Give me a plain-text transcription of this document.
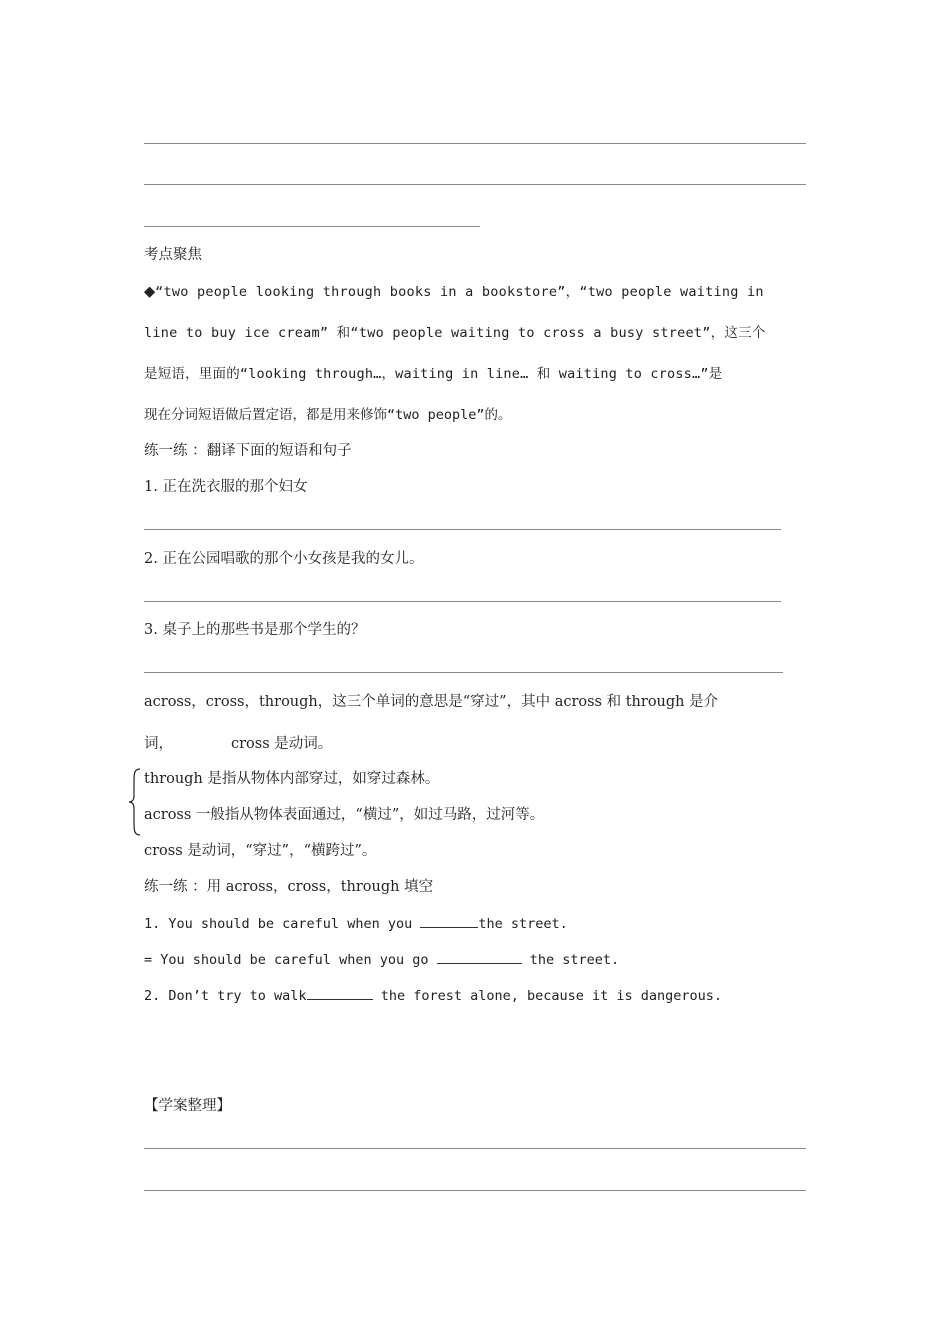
考点聚焦
◆“two people looking through books in a bookstore”，“two people waiting in
line to buy ice cream” 和“two people waiting to cross a busy street”，这三个
是短语，里面的“looking through…，waiting in line… 和 waiting to cross…”是
现在分词短语做后置定语，都是用来修饰“two people”的。
练一练 ：翻译下面的短语和句子
1. 正在洗衣服的那个妇女
2. 正在公园唱歌的那个小女孩是我的女儿。
3. 桌子上的那些书是那个学生的？
across，cross，through，这三个单词的意思是“穿过”，其中 across 和 through 是介
词，	cross 是动词。
through 是指从物体内部穿过，如穿过森林。
across 一般指从物体表面通过，“横过”，如过马路，过河等。
cross 是动词，“穿过”，“横跨过”。
练一练 ：用 across，cross，through 填空
1. You should be careful when you	the street.
= You should be careful when you go	the street.
2. Don’t try to walk	the forest alone, because it is dangerous.
【学案整理】
